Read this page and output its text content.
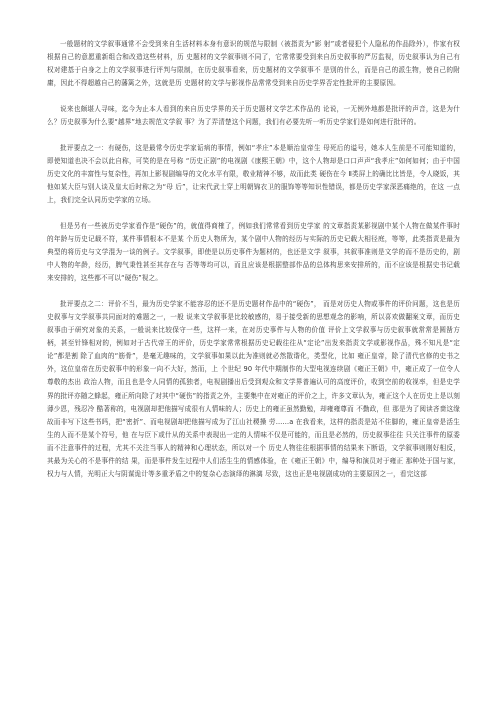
一般题材的文学叙事通常不会受到来自生活材料本身有意识的规范与限制（被指责为“影 射”或者侵犯个人隐私的作品除外），作家有权根据自己的意愿重新组合和改造这些材料，历 史题材的文学叙事则不同了，它常常要受到来自历史叙事的严厉监视，历史叙事认为自己有 权对建基于自身之上的文学叙事进行评判与限制，在历史叙事看来，历史题材的文学叙事不 是别的什么，而是自己的派生物，使自己的附庸，因此不得超越自己的藩篱之外，这就是历 史题材的文学与影视作品常常受到来自历史学界否定性批评的主要原因。

说来也颇堪人寻味，迄今为止本人看到的来自历史学界的关于历史题材文学艺术作品的 论说，一无例外地都是批评的声音，这是为什么？历史叙事为什么要“越界”地去规范文学叙 事？为了弄清楚这个问题，我们有必要先听一听历史学家们是如何进行批评的。

批评要点之一：有硬伤，这是最常令历史学家诟病的事情，例如“孝庄”本是顺治皇帝生 母死后的谥号，她本人生前是不可能知道的，即使知道也决不会以此自称，可笑的是在号称 “历史正剧”的电视剧《康熙王朝》中，这个人物却是口口声声“我孝庄”如何如何；由于中国 历史文化的丰富性与复杂性，再加上影视剧编导的文化水平有限，敬业精神不够，故而此类 硬伤在今 Ⅱ类屏上的确比比皆是，令人晓饭，其他如某大臣与别人谈及皇太后时称之为“母 后”，让宋代武士穿上明朝锦衣卫的服饰等等知识性错误，都是历史学家深恶痛绝的，在这 一点上，我们完全认同历史学家的立场。

但是另有一些被历史学家看作是“硬伤”的，就值得商榷了，例如我们常常看到历史学家 的文章指责某影视剧中某个人物在做某件事时的年龄与历史记载不符，某件事情根本不是某 个历史人物所为，某个剧中人物的经历与实际的历史记载大相径庭，等等，此类指责是最为 典型的将历史与文学混为一谈的例子。文学叙事，即使是以历史事件为题材的，也还是文学 叙事，其叙事准则是文学的而不是历史的，剧中人物的年龄，经历，脾气秉性甚至其存在与 否等等均可以，而且应该是根据整部作品的总体构思来安排所的，而不应该是根据史书记载 来安排的，这些都不可以“硬伤”视之。

批评要点之二：评价不当，最为历史学家不能容忍的还不是历史题材作品中的“硬伤”， 而是对历史人物或事件的评价问题，这也是历史叙事与文学叙事共同面对的难题之一，一般 说来文学叙事是比较敏感的，易于接受新的思想观念的影响，所以喜欢做翻案文章，而历史 叙事由于研究对象的关系，一般说来比较保守一些，这样一来，在对历史事件与人物的价值 评价上文学叙事与历史叙事就常常是圆凿方柄，甚至针锋相对的，例如对于古代帝王的评价，历史学家常常根据历史记载往往从“定论”出发来指责文学或影视作品，殊不知凡是“定论”都是割 除了血肉的“筋骨”，是毫无趣味的，文学叙事如果以此为准则就必然散谐化，类型化，比如 雍正皇帝，除了清代官修的史书之外，这位皇帝在历史叙事中的形象一向不大好，然而，上 个世纪 90 年代中期制作的大型电视连续剧《雍正王朝》中，雍正成了一位令人尊敬的杰出 政治人物，而且也是令人同情的孤独者，电视剧播出后受到观众和文学界普遍认可的高度评价，收到空前的收视率，但是史学界的批评亦随之蜂起，雍正所向除了对其中“硬伤”的指责之外，主要集中在对雍正的评价之上，许多文章认为，雍正这个人在历史上是以刻薄少恩，残忍冷 酷著称的，电视剧却把他描写成很有人情味的人；历史上的雍正虽然勤勉，却雍雍尊而 不勤政，但 那是为了阅读吝啬这缘故而非写下这些书吗，把“密折”、而电视剧却把他描写成为了江山社稷操 劳……a 在我看来，这样的指责是站不住脚的，雍正皇帝是活生生的人而不是某个符号，他 在与臣下或什从的关系中表现出一定的人情味不仅是可能的，而且是必然的，历史叙事往往 只关注事件的原委而不注意事件的过程，尤其不关注当事人的精神和心理状态，所以对一个 历史人物往往根据事情的结果来下断语，文学叙事则刚好相反，其最为关心的不是事件的结 果，而是事件发生过程中人们活生生的情感体验，在《雍正王朝》中，编导和演员对于雍正 那种处于国与家，权力与人情，光明正大与阴谋诡计等多重矛盾之中的复杂心态演绎的淋漓 尽致，这也正是电视剧成功的主要原因之一，看完这部
